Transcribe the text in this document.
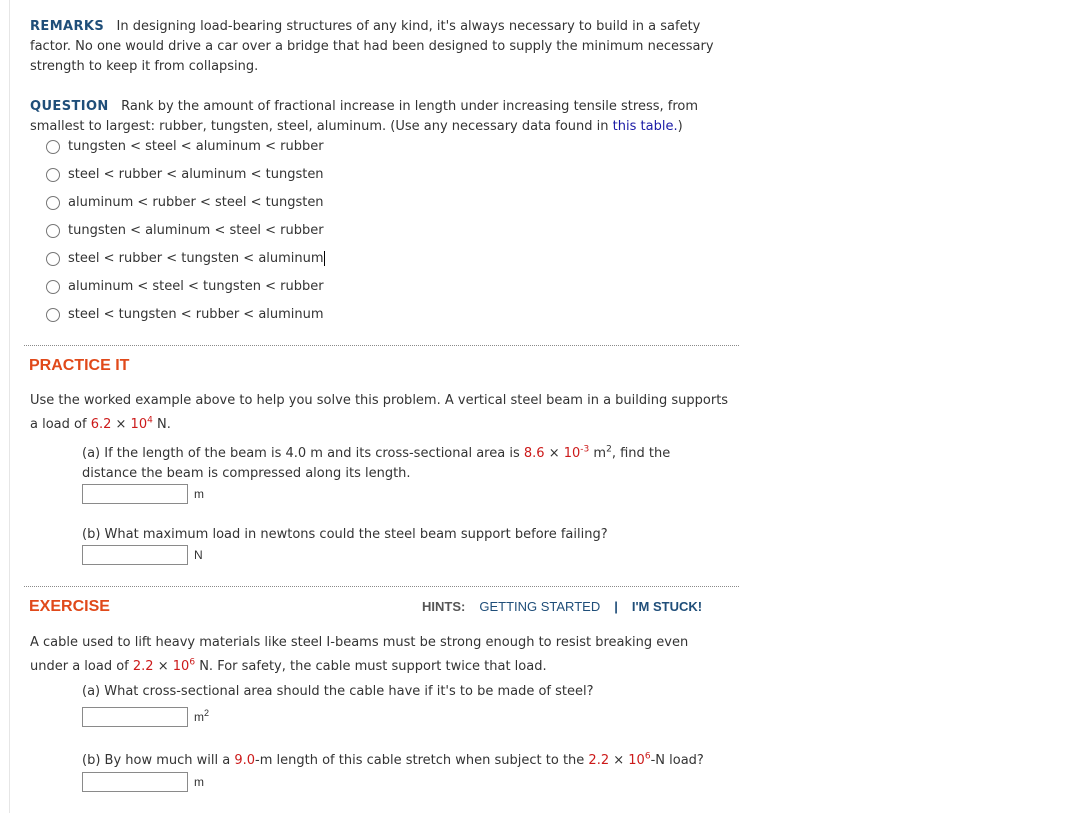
REMARKS In designing load-bearing structures of any kind, it's always necessary to build in a safety factor. No one would drive a car over a bridge that had been designed to supply the minimum necessary strength to keep it from collapsing.
QUESTION Rank by the amount of fractional increase in length under increasing tensile stress, from smallest to largest: rubber, tungsten, steel, aluminum. (Use any necessary data found in this table.)
tungsten < steel < aluminum < rubber
steel < rubber < aluminum < tungsten
aluminum < rubber < steel < tungsten
tungsten < aluminum < steel < rubber
steel < rubber < tungsten < aluminum
aluminum < steel < tungsten < rubber
steel < tungsten < rubber < aluminum
PRACTICE IT
Use the worked example above to help you solve this problem. A vertical steel beam in a building supports a load of $6.2 \times 10^4$ N.
(a) If the length of the beam is 4.0 m and its cross-sectional area is $8.6 \times 10^{-3}$ $m^2$, find the distance the beam is compressed along its length.
m
(b) What maximum load in newtons could the steel beam support before failing?
N
EXERCISE	HINTS: GETTING STARTED | I'M STUCK!
A cable used to lift heavy materials like steel I-beams must be strong enough to resist breaking even under a load of $2.2 \times 10^6$ N. For safety, the cable must support twice that load.
(a) What cross-sectional area should the cable have if it's to be made of steel?
$m^2$
(b) By how much will a 9.0-m length of this cable stretch when subject to the $2.2 \times 10^6-N$ load?
m
